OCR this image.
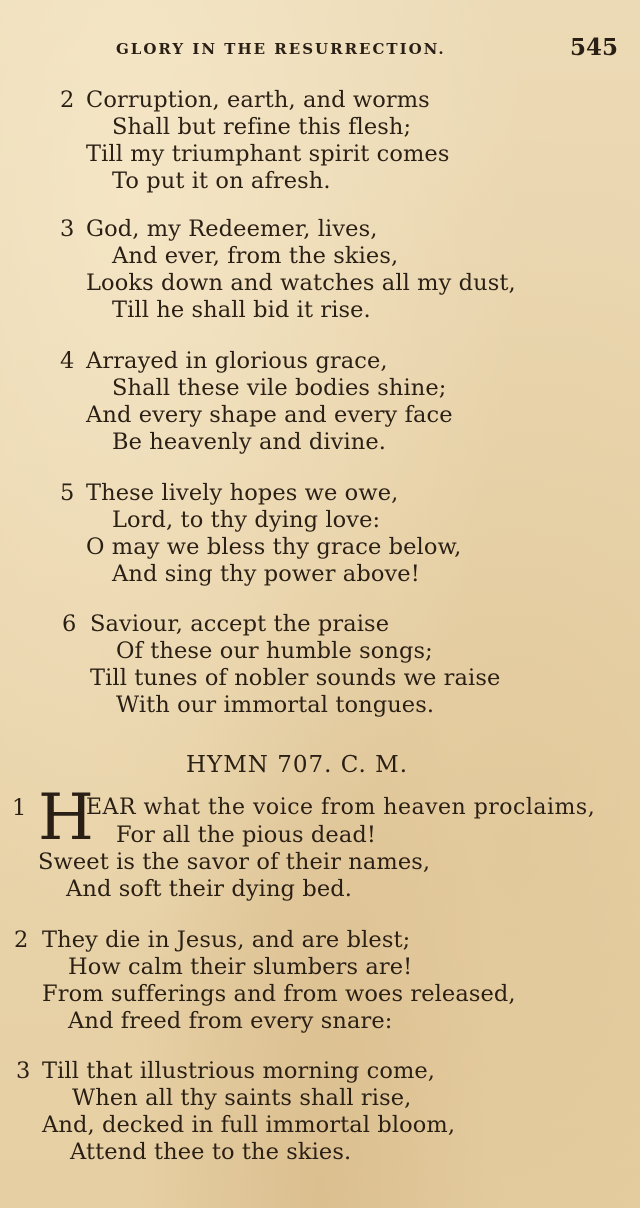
GLORY IN THE RESURRECTION.	545
2 Corruption, earth, and worms
Shall but refine this flesh;
Till my triumphant spirit comes
To put it on afresh.
3 God, my Redeemer, lives,
And ever, from the skies,
Looks down and watches all my dust,
Till he shall bid it rise.
4 Arrayed in glorious grace,
Shall these vile bodies shine;
And every shape and every face
Be heavenly and divine.
5 These lively hopes we owe,
Lord, to thy dying love:
O may we bless thy grace below,
And sing thy power above!
6 Saviour, accept the praise
Of these our humble songs;
Till tunes of nobler sounds we raise
With our immortal tongues.
HYMN 707. C. M.
1 H
EAR what the voice from heaven proclaims,
For all the pious dead!
Sweet is the savor of their names,
And soft their dying bed.
2 They die in Jesus, and are blest;
How calm their slumbers are!
From sufferings and from woes released,
And freed from every snare:
3 Till that illustrious morning come,
When all thy saints shall rise,
And, decked in full immortal bloom,
Attend thee to the skies.
